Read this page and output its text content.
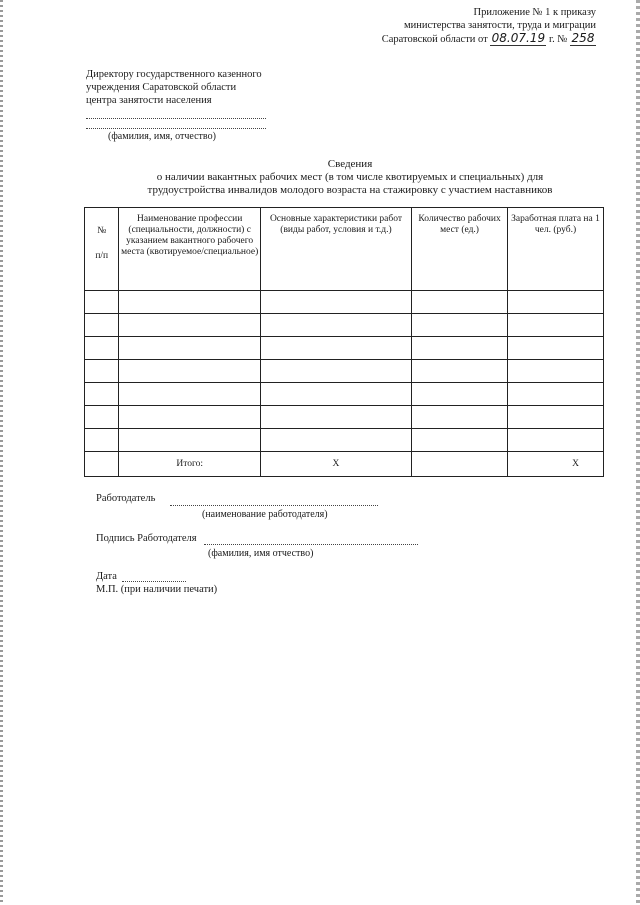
Приложение № 1 к приказу
министерства занятости, труда и миграции
Саратовской области от 08.07.19 г. № 258
Директору государственного казенного
учреждения Саратовской области
центра занятости населения
(фамилия, имя, отчество)
Сведения
о наличии вакантных рабочих мест (в том числе квотируемых и специальных) для
трудоустройства инвалидов молодого возраста на стажировку с участием наставников
№
п/п	Наименование профессии (специальности, должности) с указанием вакантного рабочего места (квотируемое/специальное)	Основные характеристики работ (виды работ, условия и т.д.)	Количество рабочих мест (ед.)	Заработная плата на 1 чел. (руб.)

	Итого:	Х		Х
Работодатель
(наименование работодателя)
Подпись Работодателя
(фамилия, имя отчество)
Дата
М.П. (при наличии печати)
